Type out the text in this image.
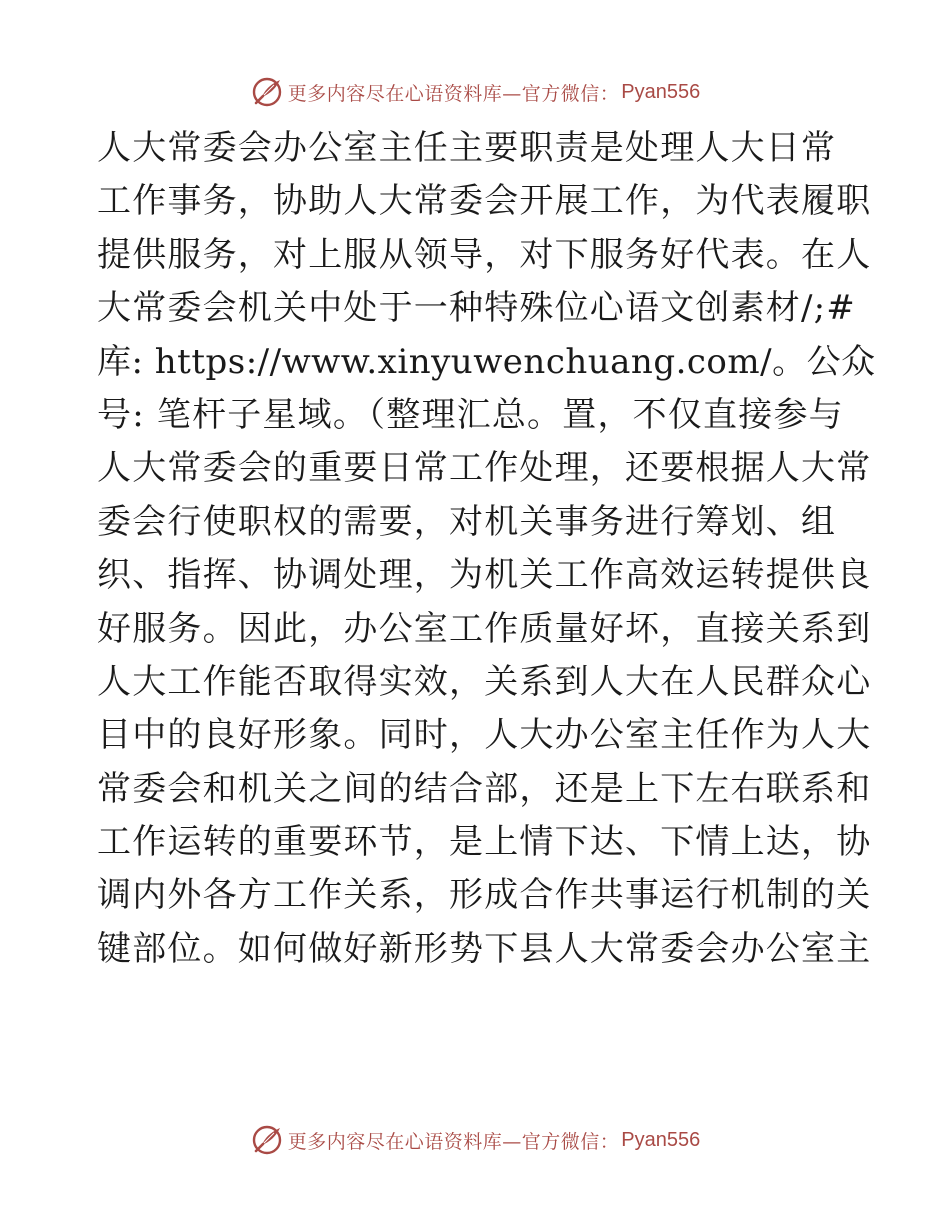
更多内容尽在心语资料库—官方微信： Pyan556
人大常委会办公室主任主要职责是处理人大日常
工作事务，协助人大常委会开展工作，为代表履职
提供服务，对上服从领导，对下服务好代表。在人
大常委会机关中处于一种特殊位心语文创素材/;#
库: https://www.xinyuwenchuang.com/。公众
号: 笔杆子星域。（整理汇总。置，不仅直接参与
人大常委会的重要日常工作处理，还要根据人大常
委会行使职权的需要，对机关事务进行筹划、组
织、指挥、协调处理，为机关工作高效运转提供良
好服务。因此，办公室工作质量好坏，直接关系到
人大工作能否取得实效，关系到人大在人民群众心
目中的良好形象。同时，人大办公室主任作为人大
常委会和机关之间的结合部，还是上下左右联系和
工作运转的重要环节，是上情下达、下情上达，协
调内外各方工作关系，形成合作共事运行机制的关
键部位。如何做好新形势下县人大常委会办公室主
更多内容尽在心语资料库—官方微信： Pyan556
